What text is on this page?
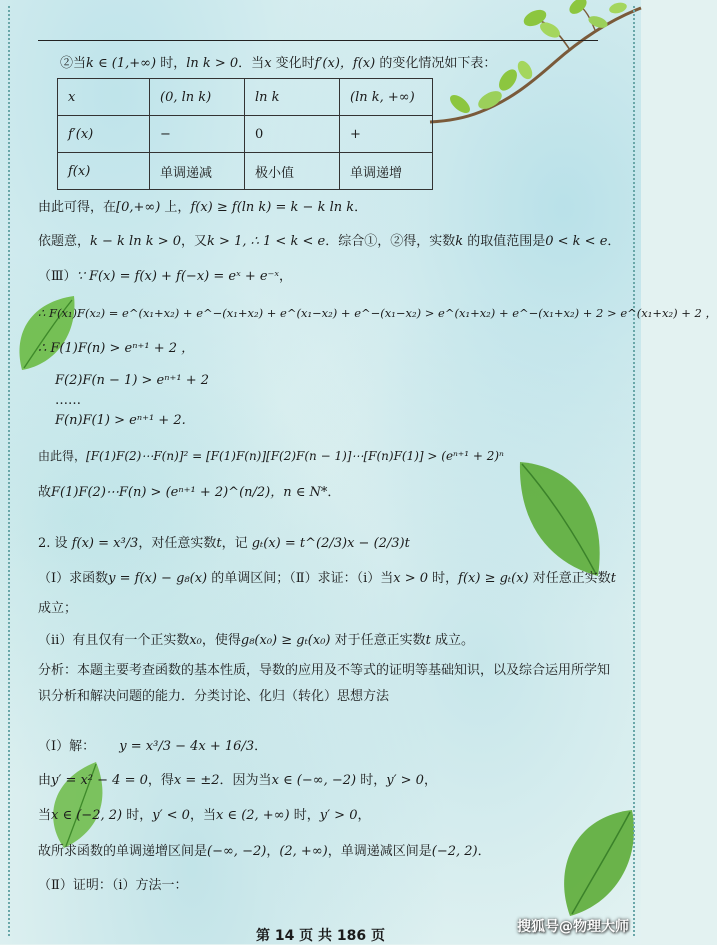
②当k ∈ (1,+∞) 时，ln k > 0．当x 变化时f′(x)，f(x) 的变化情况如下表：
x	(0, ln k)	ln k	(ln k, +∞)
f′(x)	−	0	+
f(x)	单调递减	极小值	单调递增
由此可得，在[0,+∞) 上，f(x) ≥ f(ln k) = k − k ln k．
依题意，k − k ln k > 0，又k > 1, ∴ 1 < k < e．综合①，②得，实数k 的取值范围是0 < k < e．
（Ⅲ）∵ F(x) = f(x) + f(−x) = eˣ + e⁻ˣ，
∴ F(x₁)F(x₂) = e^(x₁+x₂) + e^−(x₁+x₂) + e^(x₁−x₂) + e^−(x₁−x₂) > e^(x₁+x₂) + e^−(x₁+x₂) + 2 > e^(x₁+x₂) + 2 ，
∴ F(1)F(n) > eⁿ⁺¹ + 2 ，
F(2)F(n − 1) > eⁿ⁺¹ + 2
……
F(n)F(1) > eⁿ⁺¹ + 2.
由此得，[F(1)F(2)⋯F(n)]² = [F(1)F(n)][F(2)F(n − 1)]⋯[F(n)F(1)] > (eⁿ⁺¹ + 2)ⁿ
故F(1)F(2)⋯F(n) > (eⁿ⁺¹ + 2)^(n/2)，n ∈ N*．
2. 设 f(x) = x³/3，对任意实数t，记 gₜ(x) = t^(2/3)x − (2/3)t
（Ⅰ）求函数y = f(x) − g₈(x) 的单调区间；（Ⅱ）求证：（ⅰ）当x > 0 时，f(x) ≥ gₜ(x) 对任意正实数t
成立；
（ⅱ）有且仅有一个正实数x₀，使得g₈(x₀) ≥ gₜ(x₀) 对于任意正实数t 成立。
分析：本题主要考查函数的基本性质，导数的应用及不等式的证明等基础知识，以及综合运用所学知
识分析和解决问题的能力．分类讨论、化归（转化）思想方法
（Ⅰ）解： y = x³/3 − 4x + 16/3．
由y′ = x² − 4 = 0，得x = ±2．因为当x ∈ (−∞, −2) 时，y′ > 0，
当x ∈ (−2, 2) 时，y′ < 0，当x ∈ (2, +∞) 时，y′ > 0，
故所求函数的单调递增区间是(−∞, −2)，(2, +∞)，单调递减区间是(−2, 2)．
（Ⅱ）证明：（ⅰ）方法一：
第 14 页 共 186 页
搜狐号@物理大师
